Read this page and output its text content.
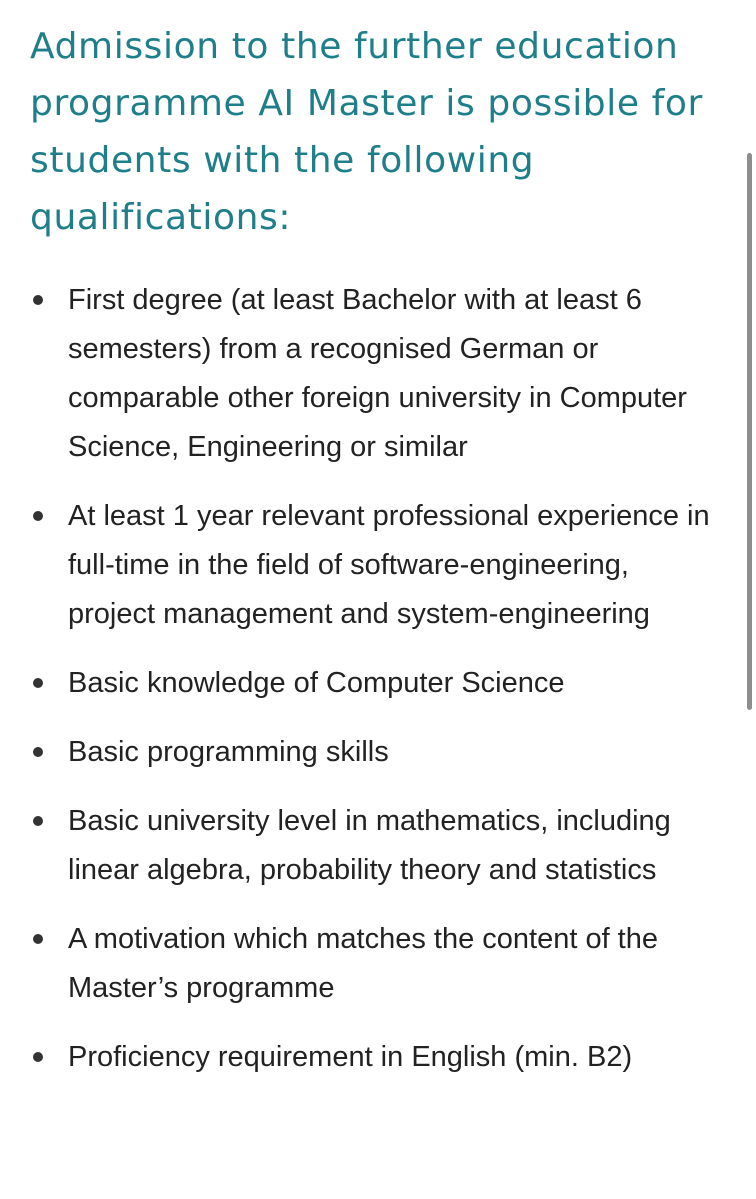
Admission to the further education programme AI Master is possible for students with the following qualifications:
First degree (at least Bachelor with at least 6 semesters) from a recognised German or comparable other foreign university in Computer Science, Engineering or similar
At least 1 year relevant professional experience in full-time in the field of software-engineering, project management and system-engineering
Basic knowledge of Computer Science
Basic programming skills
Basic university level in mathematics, including linear algebra, probability theory and statistics
A motivation which matches the content of the Master’s programme
Proficiency requirement in English (min. B2)
